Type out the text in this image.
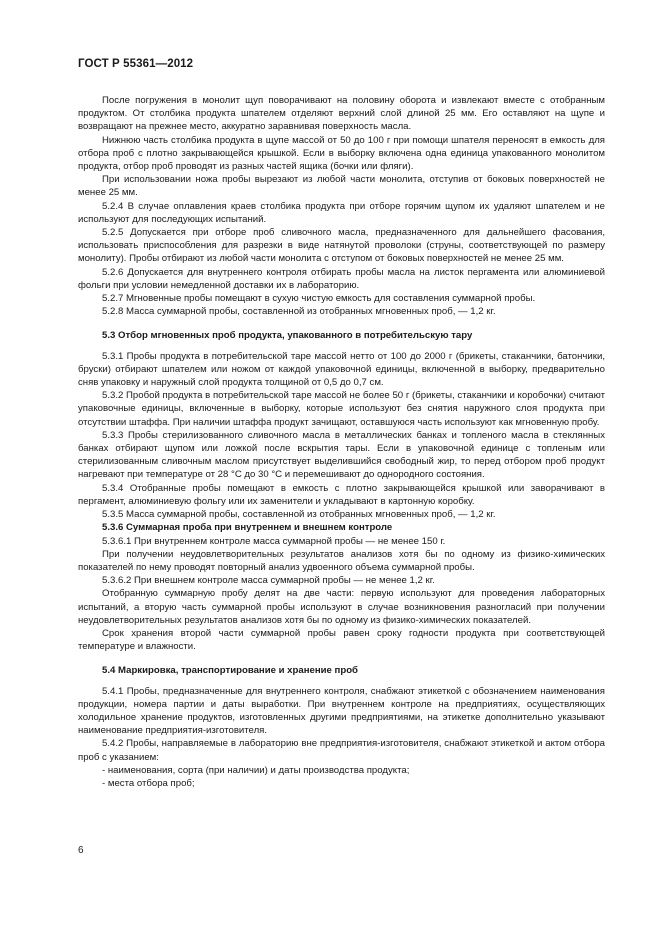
ГОСТ Р 55361—2012

После погружения в монолит щуп поворачивают на половину оборота и извлекают вместе с отобранным продуктом. От столбика продукта шпателем отделяют верхний слой длиной 25 мм. Его оставляют на щупе и возвращают на прежнее место, аккуратно заравнивая поверхность масла.

Нижнюю часть столбика продукта в щупе массой от 50 до 100 г при помощи шпателя переносят в емкость для отбора проб с плотно закрывающейся крышкой. Если в выборку включена одна единица упакованного монолитом продукта, отбор проб проводят из разных частей ящика (бочки или фляги).

При использовании ножа пробы вырезают из любой части монолита, отступив от боковых поверхностей не менее 25 мм.

5.2.4 В случае оплавления краев столбика продукта при отборе горячим щупом их удаляют шпателем и не используют для последующих испытаний.

5.2.5 Допускается при отборе проб сливочного масла, предназначенного для дальнейшего фасования, использовать приспособления для разрезки в виде натянутой проволоки (струны, соответствующей по размеру монолиту). Пробы отбирают из любой части монолита с отступом от боковых поверхностей не менее 25 мм.

5.2.6 Допускается для внутреннего контроля отбирать пробы масла на листок пергамента или алюминиевой фольги при условии немедленной доставки их в лабораторию.

5.2.7 Мгновенные пробы помещают в сухую чистую емкость для составления суммарной пробы.

5.2.8 Масса суммарной пробы, составленной из отобранных мгновенных проб, — 1,2 кг.

5.3 Отбор мгновенных проб продукта, упакованного в потребительскую тару

5.3.1 Пробы продукта в потребительской таре массой нетто от 100 до 2000 г (брикеты, стаканчики, батончики, бруски) отбирают шпателем или ножом от каждой упаковочной единицы, включенной в выборку, предварительно сняв упаковку и наружный слой продукта толщиной от 0,5 до 0,7 см.

5.3.2 Пробой продукта в потребительской таре массой не более 50 г (брикеты, стаканчики и коробочки) считают упаковочные единицы, включенные в выборку, которые используют без снятия наружного слоя продукта при отсутствии штаффа. При наличии штаффа продукт зачищают, оставшуюся часть используют как мгновенную пробу.

5.3.3 Пробы стерилизованного сливочного масла в металлических банках и топленого масла в стеклянных банках отбирают щупом или ложкой после вскрытия тары. Если в упаковочной единице с топленым или стерилизованным сливочным маслом присутствует выделившийся свободный жир, то перед отбором проб продукт нагревают при температуре от 28 °C до 30 °C и перемешивают до однородного состояния.

5.3.4 Отобранные пробы помещают в емкость с плотно закрывающейся крышкой или заворачивают в пергамент, алюминиевую фольгу или их заменители и укладывают в картонную коробку.

5.3.5 Масса суммарной пробы, составленной из отобранных мгновенных проб, — 1,2 кг.

5.3.6 Суммарная проба при внутреннем и внешнем контроле

5.3.6.1 При внутреннем контроле масса суммарной пробы — не менее 150 г.

При получении неудовлетворительных результатов анализов хотя бы по одному из физико-химических показателей по нему проводят повторный анализ удвоенного объема суммарной пробы.

5.3.6.2 При внешнем контроле масса суммарной пробы — не менее 1,2 кг.

Отобранную суммарную пробу делят на две части: первую используют для проведения лабораторных испытаний, а вторую часть суммарной пробы используют в случае возникновения разногласий при получении неудовлетворительных результатов анализов хотя бы по одному из физико-химических показателей.

Срок хранения второй части суммарной пробы равен сроку годности продукта при соответствующей температуре и влажности.

5.4 Маркировка, транспортирование и хранение проб

5.4.1 Пробы, предназначенные для внутреннего контроля, снабжают этикеткой с обозначением наименования продукции, номера партии и даты выработки. При внутреннем контроле на предприятиях, осуществляющих холодильное хранение продуктов, изготовленных другими предприятиями, на этикетке дополнительно указывают наименование предприятия-изготовителя.

5.4.2 Пробы, направляемые в лабораторию вне предприятия-изготовителя, снабжают этикеткой и актом отбора проб с указанием:

- наименования, сорта (при наличии) и даты производства продукта;

- места отбора проб;

6
